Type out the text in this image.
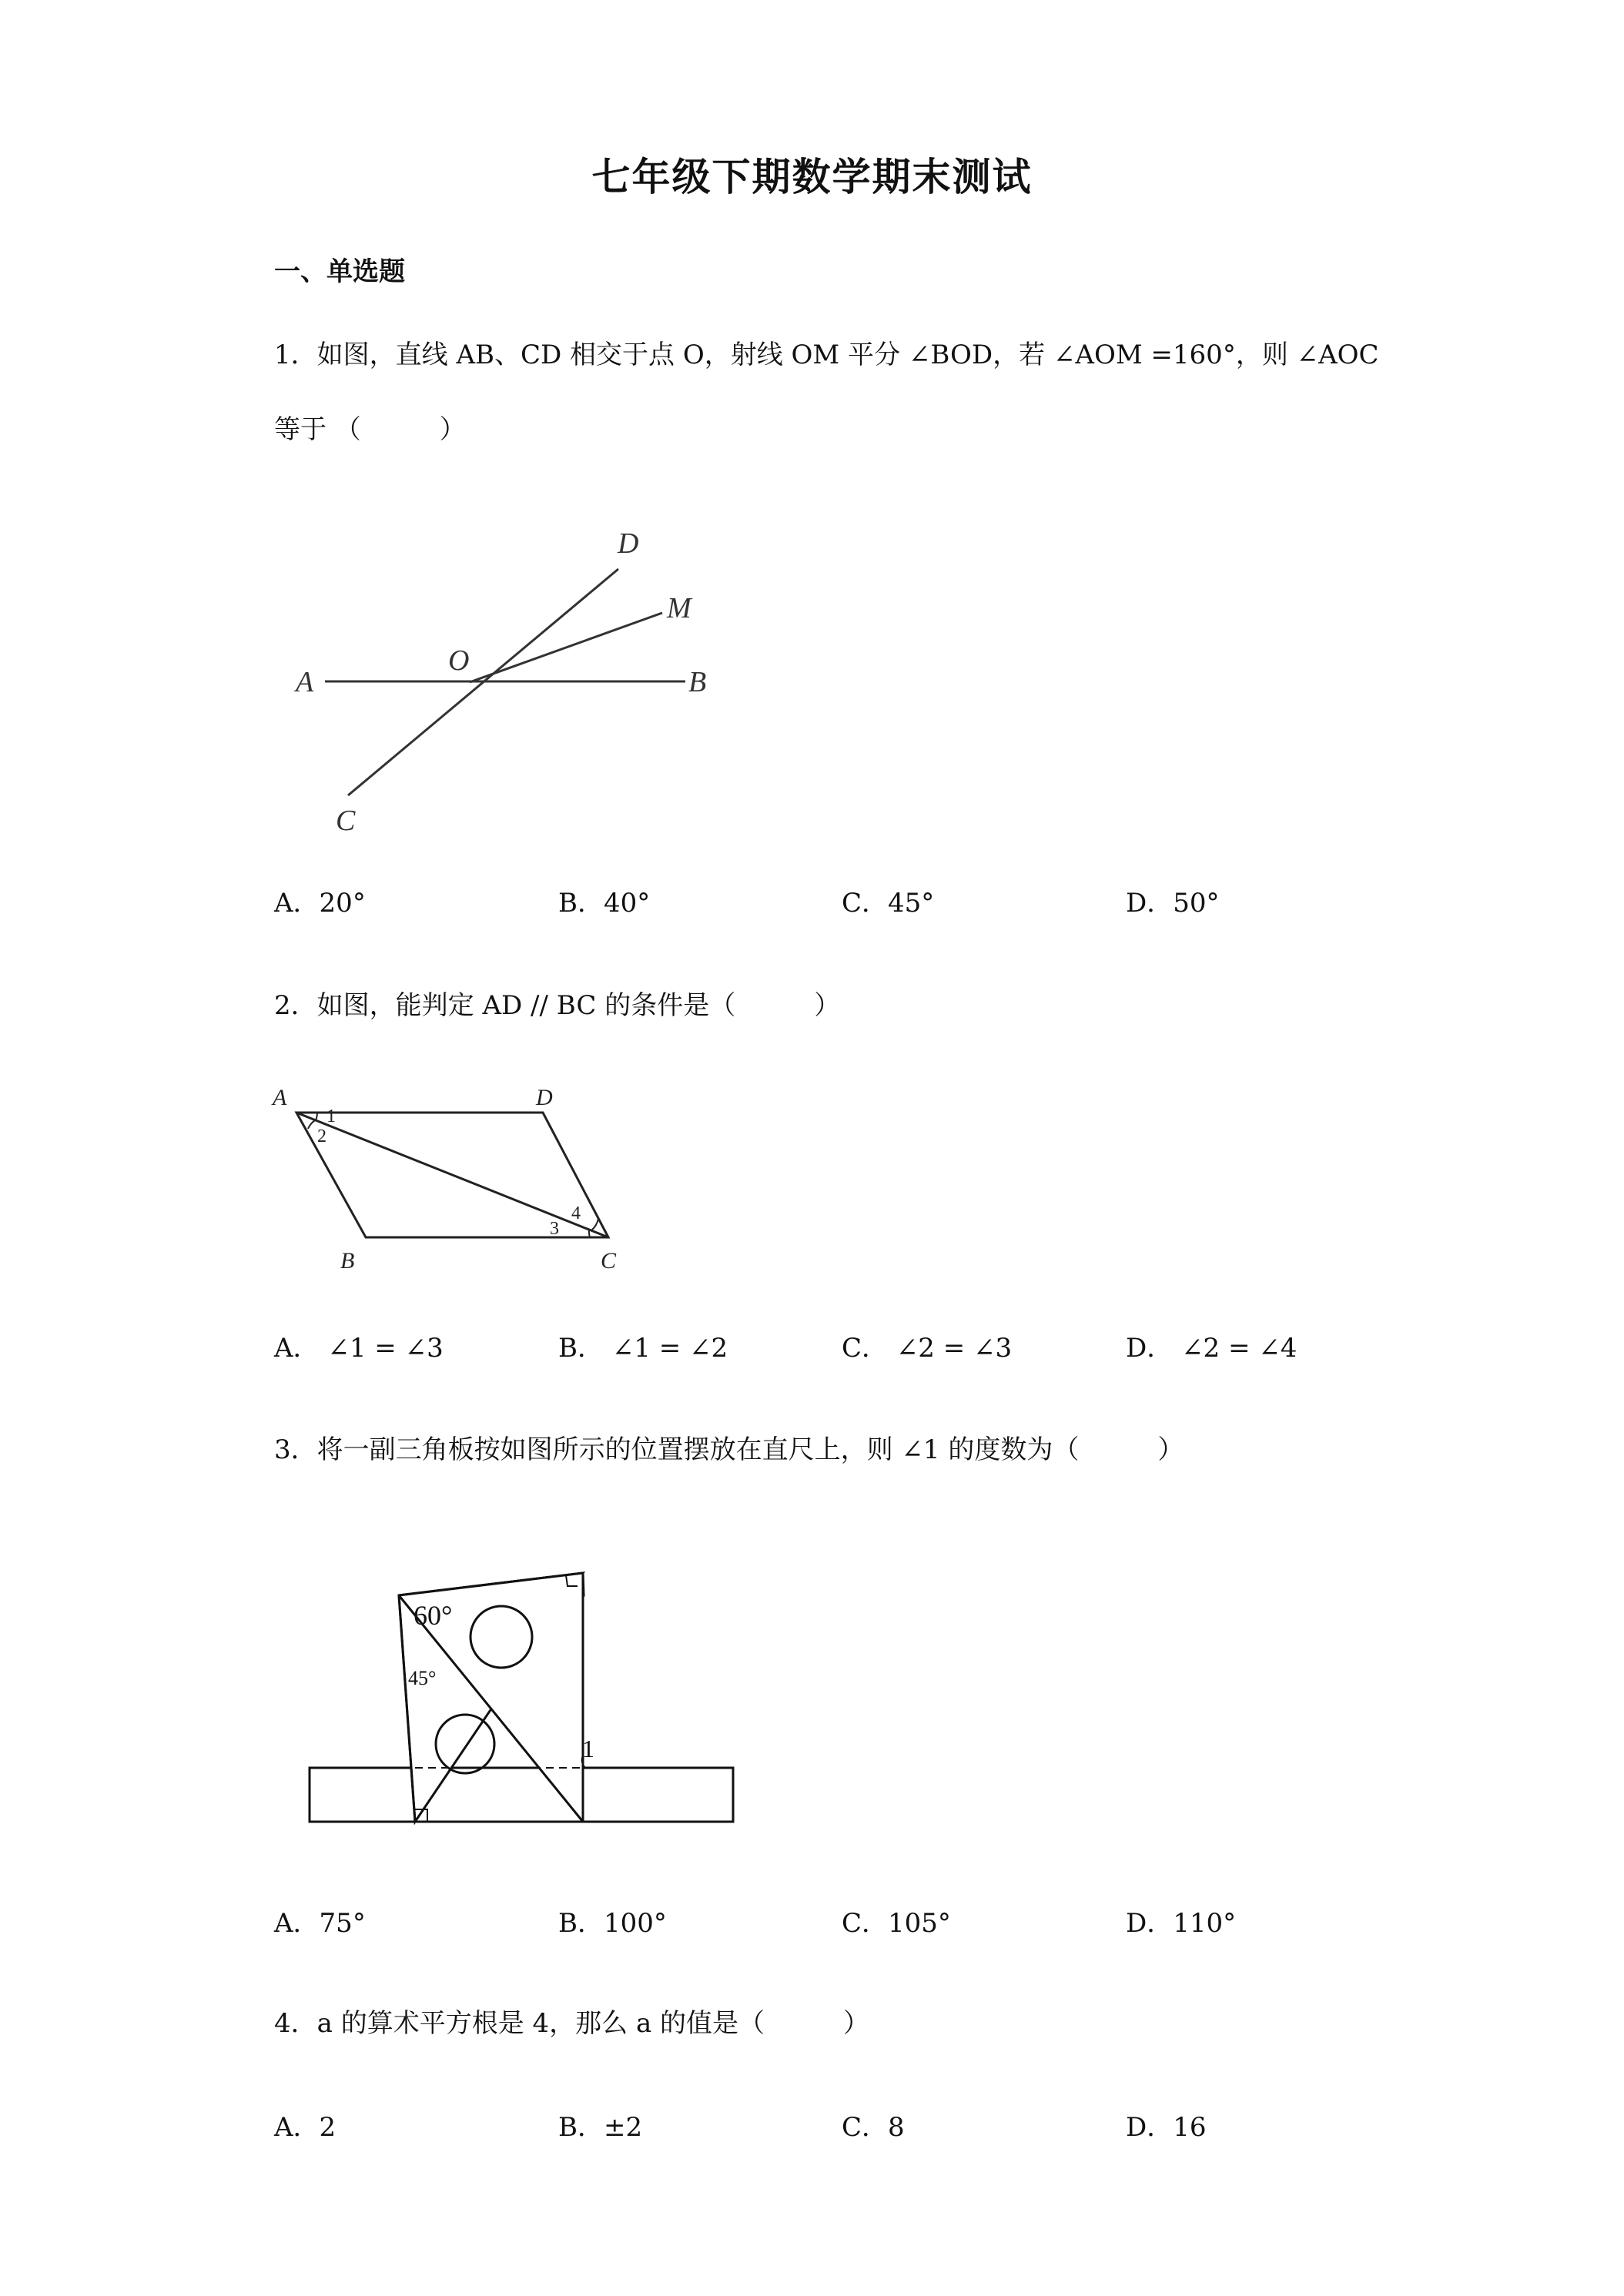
七年级下期数学期末测试
一、单选题
1．如图，直线 AB、CD 相交于点 O，射线 OM 平分 ∠BOD，若 ∠AOM =160°，则 ∠AOC
等于 （　　　）
A	B
C
D
O
M
A．20°	B．40°	C．45°	D．50°
2．如图，能判定 AD // BC 的条件是（　　　）
A	D
B	C
1
2
3
4
A． ∠1 = ∠3	B． ∠1 = ∠2	C． ∠2 = ∠3	D． ∠2 = ∠4
3．将一副三角板按如图所示的位置摆放在直尺上，则 ∠1 的度数为（　　　）
60°
45°
1
A．75°	B．100°	C．105°	D．110°
4．a 的算术平方根是 4，那么 a 的值是（　　　）
A．2	B．±2	C．8	D．16
